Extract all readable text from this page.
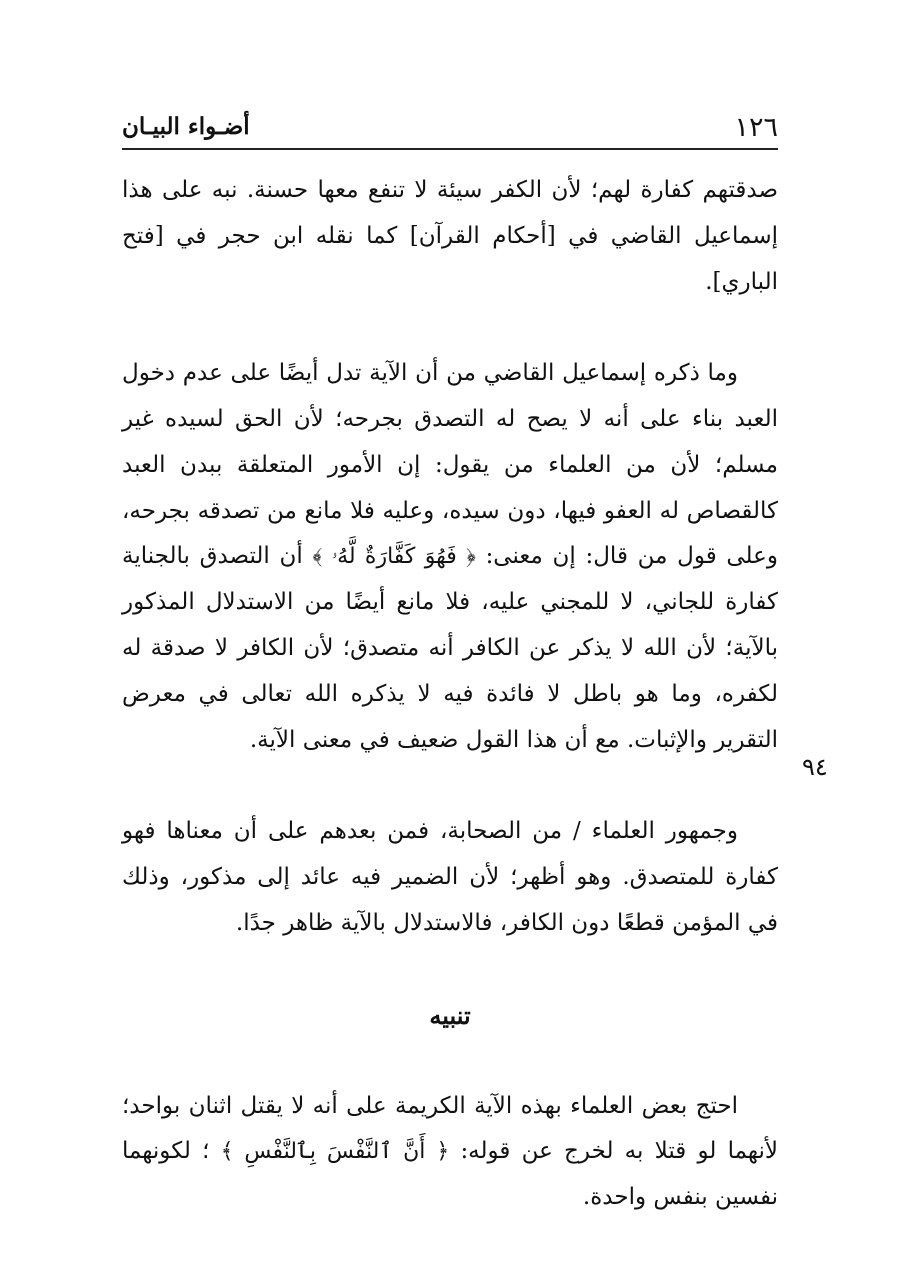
١٢٦
أضـواء البيـان
٩٤

صدقتهم كفارة لهم؛ لأن الكفر سيئة لا تنفع معها حسنة. نبه على هذا إسماعيل القاضي في [أحكام القرآن] كما نقله ابن حجر في [فتح الباري].

وما ذكره إسماعيل القاضي من أن الآية تدل أيضًا على عدم دخول العبد بناء على أنه لا يصح له التصدق بجرحه؛ لأن الحق لسيده غير مسلم؛ لأن من العلماء من يقول: إن الأمور المتعلقة ببدن العبد كالقصاص له العفو فيها، دون سيده، وعليه فلا مانع من تصدقه بجرحه، وعلى قول من قال: إن معنى: ﴿ فَهُوَ كَفَّارَةٌ لَّهُۥ ﴾ أن التصدق بالجناية كفارة للجاني، لا للمجني عليه، فلا مانع أيضًا من الاستدلال المذكور بالآية؛ لأن الله لا يذكر عن الكافر أنه متصدق؛ لأن الكافر لا صدقة له لكفره، وما هو باطل لا فائدة فيه لا يذكره الله تعالى في معرض التقرير والإثبات. مع أن هذا القول ضعيف في معنى الآية.

وجمهور العلماء / من الصحابة، فمن بعدهم على أن معناها فهو كفارة للمتصدق. وهو أظهر؛ لأن الضمير فيه عائد إلى مذكور، وذلك في المؤمن قطعًا دون الكافر، فالاستدلال بالآية ظاهر جدًا.

تنبيه

احتج بعض العلماء بهذه الآية الكريمة على أنه لا يقتل اثنان بواحد؛ لأنهما لو قتلا به لخرج عن قوله: ﴿ أَنَّ ٱلنَّفْسَ بِٱلنَّفْسِ ﴾ ؛ لكونهما نفسين بنفس واحدة.
